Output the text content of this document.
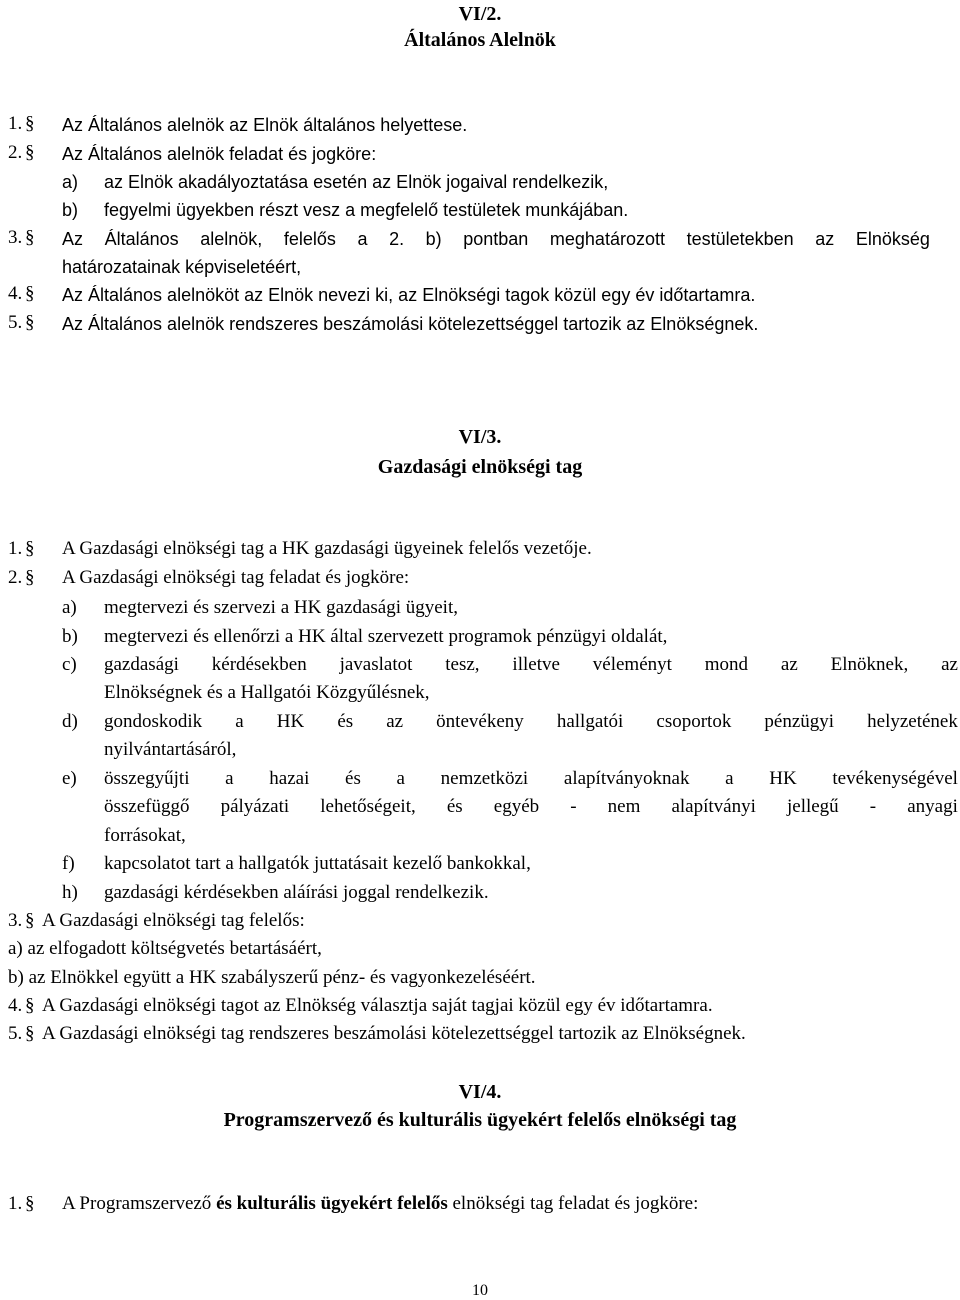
VI/2.
Általános Alelnök
1. § Az Általános alelnök az Elnök általános helyettese.
2. § Az Általános alelnök feladat és jogköre:
a) az Elnök akadályoztatása esetén az Elnök jogaival rendelkezik,
b) fegyelmi ügyekben részt vesz a megfelelő testületek munkájában.
3. § Az Általános alelnök, felelős a 2. b) pontban meghatározott testületekben az Elnökség
határozatainak képviseletéért,
4. § Az Általános alelnököt az Elnök nevezi ki, az Elnökségi tagok közül egy év időtartamra.
5. § Az Általános alelnök rendszeres beszámolási kötelezettséggel tartozik az Elnökségnek.
VI/3.
Gazdasági elnökségi tag
1. § A Gazdasági elnökségi tag a HK gazdasági ügyeinek felelős vezetője.
2. § A Gazdasági elnökségi tag feladat és jogköre:
a) megtervezi és szervezi a HK gazdasági ügyeit,
b) megtervezi és ellenőrzi a HK által szervezett programok pénzügyi oldalát,
c) gazdasági kérdésekben javaslatot tesz, illetve véleményt mond az Elnöknek, az
Elnökségnek és a Hallgatói Közgyűlésnek,
d) gondoskodik a HK és az öntevékeny hallgatói csoportok pénzügyi helyzetének
nyilvántartásáról,
e) összegyűjti a hazai és a nemzetközi alapítványoknak a HK tevékenységével
összefüggő pályázati lehetőségeit, és egyéb - nem alapítványi jellegű - anyagi
forrásokat,
f) kapcsolatot tart a hallgatók juttatásait kezelő bankokkal,
h) gazdasági kérdésekben aláírási joggal rendelkezik.
3. § A Gazdasági elnökségi tag felelős:
a) az elfogadott költségvetés betartásáért,
b) az Elnökkel együtt a HK szabályszerű pénz- és vagyonkezeléséért.
4. § A Gazdasági elnökségi tagot az Elnökség választja saját tagjai közül egy év időtartamra.
5. § A Gazdasági elnökségi tag rendszeres beszámolási kötelezettséggel tartozik az Elnökségnek.
VI/4.
Programszervező és kulturális ügyekért felelős elnökségi tag
1. § A Programszervező és kulturális ügyekért felelős elnökségi tag feladat és jogköre:
10
